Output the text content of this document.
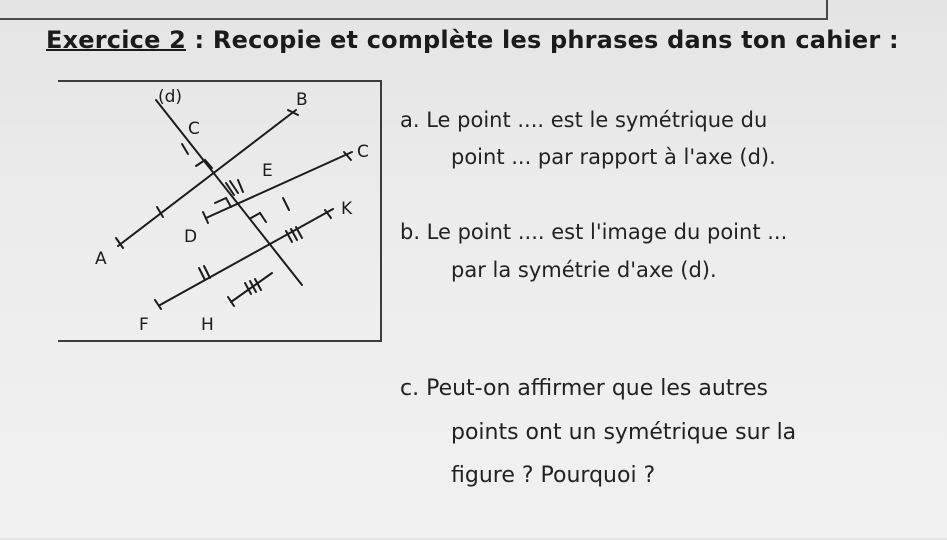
Exercice 2 : Recopie et complète les phrases dans ton cahier :
(d)
A
B
C
C
D
E
F	H
K
a. Le point .... est le symétrique du
point ... par rapport à l'axe (d).
b. Le point .... est l'image du point ...
par la symétrie d'axe (d).
c. Peut-on affirmer que les autres
points ont un symétrique sur la
figure ? Pourquoi ?
